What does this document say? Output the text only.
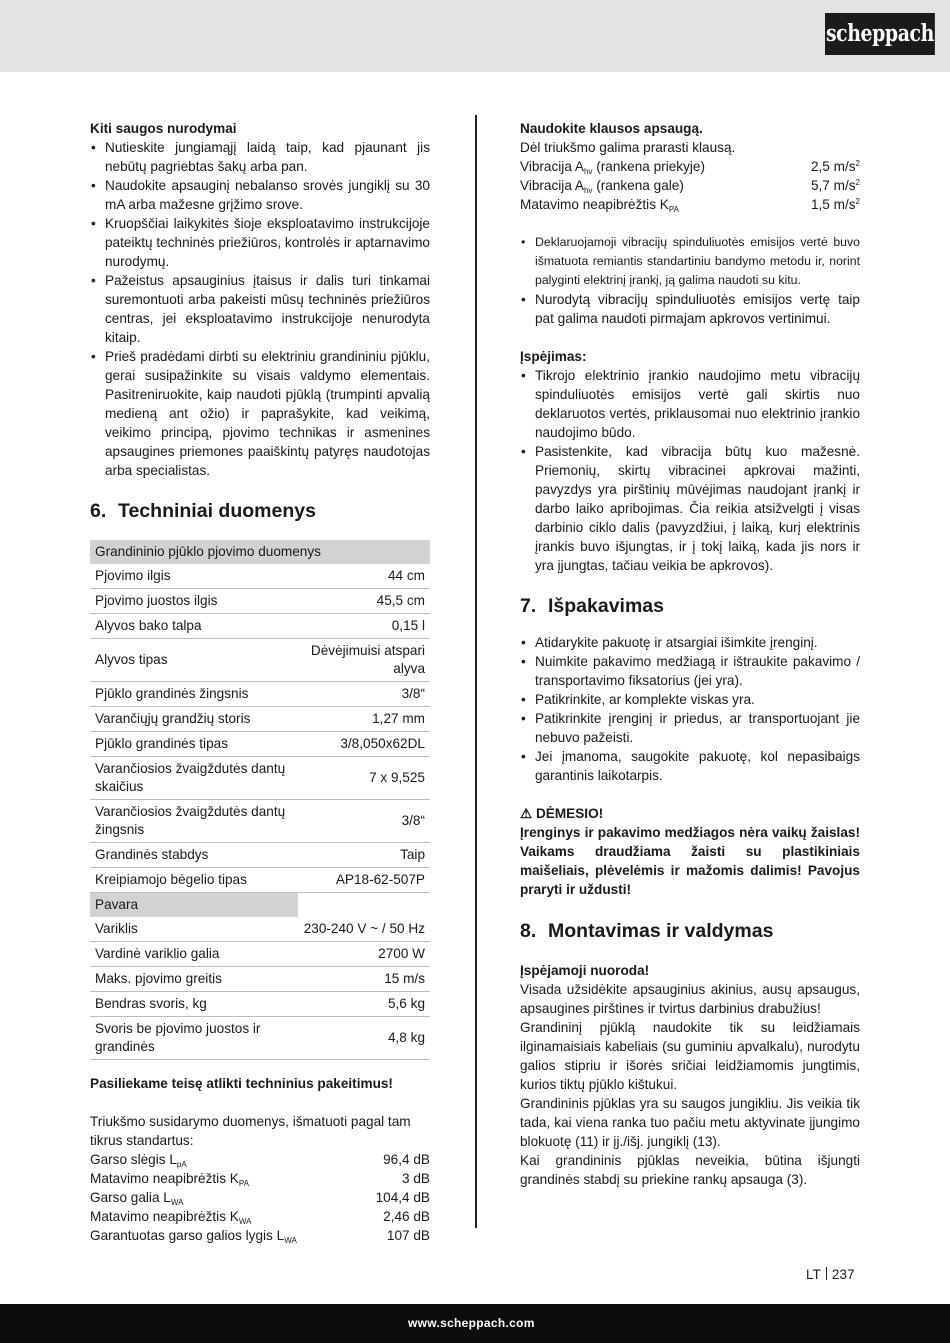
scheppach

Kiti saugos nurodymai

• Nutieskite jungiamąjį laidą taip, kad pjaunant jis nebūtų pagriebtas šakų arba pan.
• Naudokite apsauginį nebalanso srovės jungiklį su 30 mA arba mažesne grįžimo srove.
• Kruopščiai laikykitės šioje eksploatavimo instrukcijoje pateiktų techninės priežiūros, kontrolės ir aptarnavimo nurodymų.
• Pažeistus apsauginius įtaisus ir dalis turi tinkamai suremontuoti arba pakeisti mūsų techninės priežiūros centras, jei eksploatavimo instrukcijoje nenurodyta kitaip.
• Prieš pradėdami dirbti su elektriniu grandininiu pjūklu, gerai susipažinkite su visais valdymo elementais. Pasitreniruokite, kaip naudoti pjūklą (trumpinti apvalią medieną ant ožio) ir paprašykite, kad veikimą, veikimo principą, pjovimo technikas ir asmenines apsaugines priemones paaiškintų patyręs naudotojas arba specialistas.
6. Techniniai duomenys
Grandininio pjūklo pjovimo duomenys	
Pjovimo ilgis	44 cm
Pjovimo juostos ilgis	45,5 cm
Alyvos bako talpa	0,15 l
Alyvos tipas	Dėvėjimuisi atspari alyva
Pjūklo grandinės žingsnis	3/8“
Varančiųjų grandžių storis	1,27 mm
Pjūklo grandinės tipas	3/8,050x62DL
Varančiosios žvaigždutės dantų skaičius	7 x 9,525
Varančiosios žvaigždutės dantų žingsnis	3/8“
Grandinės stabdys	Taip
Kreipiamojo bėgelio tipas	AP18-62-507P
Pavara	
Variklis	230-240 V ~ / 50 Hz
Vardinė variklio galia	2700 W
Maks. pjovimo greitis	15 m/s
Bendras svoris, kg	5,6 kg
Svoris be pjovimo juostos ir grandinės	4,8 kg

Pasiliekame teisę atlikti techninius pakeitimus!

Triukšmo susidarymo duomenys, išmatuoti pagal tam tikrus standartus:

Garso slėgis $L_{pA}$	96,4 dB
Matavimo neapibrėžtis $K_{PA}$	3 dB
Garso galia $L_{WA}$	104,4 dB
Matavimo neapibrėžtis $K_{WA}$	2,46 dB
Garantuotas garso galios lygis $L_{WA}$	107 dB

Naudokite klausos apsaugą.

Dėl triukšmo galima prarasti klausą.

Vibracija $A_{hv}$ (rankena priekyje)	2,5 $m/s^2$
Vibracija $A_{hv}$ (rankena gale)	5,7 $m/s^2$
Matavimo neapibrėžtis $K_{PA}$	1,5 $m/s^2$
• Deklaruojamoji vibracijų spinduliuotės emisijos vertė buvo išmatuota remiantis standartiniu bandymo metodu ir, norint palyginti elektrinį įrankį, ją galima naudoti su kitu.
• Nurodytą vibracijų spinduliuotės emisijos vertę taip pat galima naudoti pirmajam apkrovos vertinimui.

Įspėjimas:

• Tikrojo elektrinio įrankio naudojimo metu vibracijų spinduliuotės emisijos vertė gali skirtis nuo deklaruotos vertės, priklausomai nuo elektrinio įrankio naudojimo būdo.
• Pasistenkite, kad vibracija būtų kuo mažesnė. Priemonių, skirtų vibracinei apkrovai mažinti, pavyzdys yra pirštinių mūvėjimas naudojant įrankį ir darbo laiko apribojimas. Čia reikia atsižvelgti į visas darbinio ciklo dalis (pavyzdžiui, į laiką, kurį elektrinis įrankis buvo išjungtas, ir į tokį laiką, kada jis nors ir yra įjungtas, tačiau veikia be apkrovos).
7. Išpakavimas
• Atidarykite pakuotę ir atsargiai išimkite įrenginį.
• Nuimkite pakavimo medžiagą ir ištraukite pakavimo / transportavimo fiksatorius (jei yra).
• Patikrinkite, ar komplekte viskas yra.
• Patikrinkite įrenginį ir priedus, ar transportuojant jie nebuvo pažeisti.
• Jei įmanoma, saugokite pakuotę, kol nepasibaigs garantinis laikotarpis.

⚠ DĖMESIO!

Įrenginys ir pakavimo medžiagos nėra vaikų žaislas! Vaikams draudžiama žaisti su plastikiniais maišeliais, plėvelėmis ir mažomis dalimis! Pavojus praryti ir uždusti!

8. Montavimas ir valdymas

Įspėjamoji nuoroda!

Visada užsidėkite apsauginius akinius, ausų apsaugus, apsaugines pirštines ir tvirtus darbinius drabužius!

Grandininį pjūklą naudokite tik su leidžiamais ilginamaisiais kabeliais (su guminiu apvalkalu), nurodytu galios stipriu ir išorės sričiai leidžiamomis jungtimis, kurios tiktų pjūklo kištukui.

Grandininis pjūklas yra su saugos jungikliu. Jis veikia tik tada, kai viena ranka tuo pačiu metu aktyvinate įjungimo blokuotę (11) ir įj./išj. jungiklį (13).

Kai grandininis pjūklas neveikia, būtina išjungti grandinės stabdį su priekine rankų apsauga (3).

LT 237
www.scheppach.com
